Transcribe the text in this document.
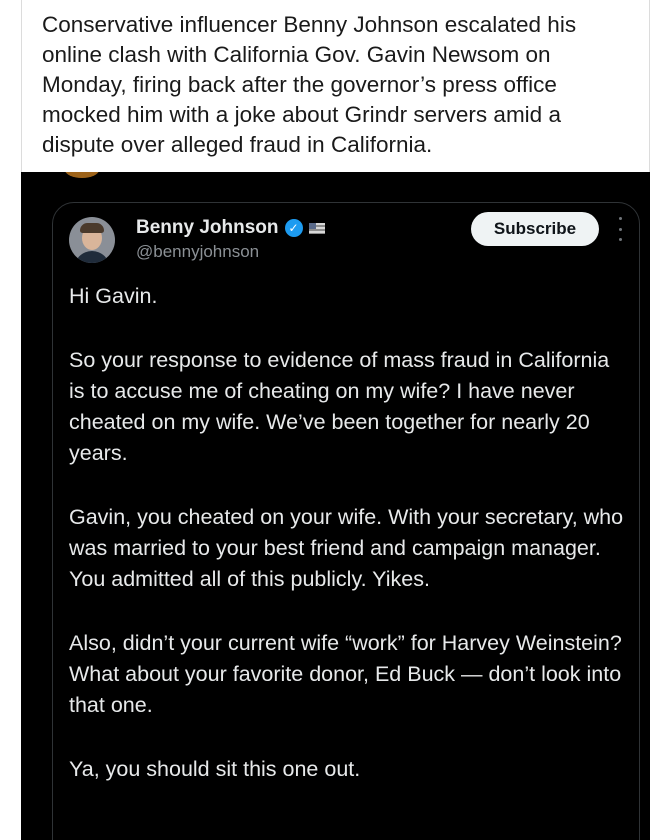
Conservative influencer Benny Johnson escalated his online clash with California Gov. Gavin Newsom on Monday, firing back after the governor’s press office mocked him with a joke about Grindr servers amid a dispute over alleged fraud in California.

Benny Johnson ✓
@bennyjohnson
Subscribe

Hi Gavin.

So your response to evidence of mass fraud in California is to accuse me of cheating on my wife? I have never cheated on my wife. We’ve been together for nearly 20 years.

Gavin, you cheated on your wife. With your secretary, who was married to your best friend and campaign manager. You admitted all of this publicly. Yikes.

Also, didn’t your current wife “work” for Harvey Weinstein? What about your favorite donor, Ed Buck — don’t look into that one.

Ya, you should sit this one out.
